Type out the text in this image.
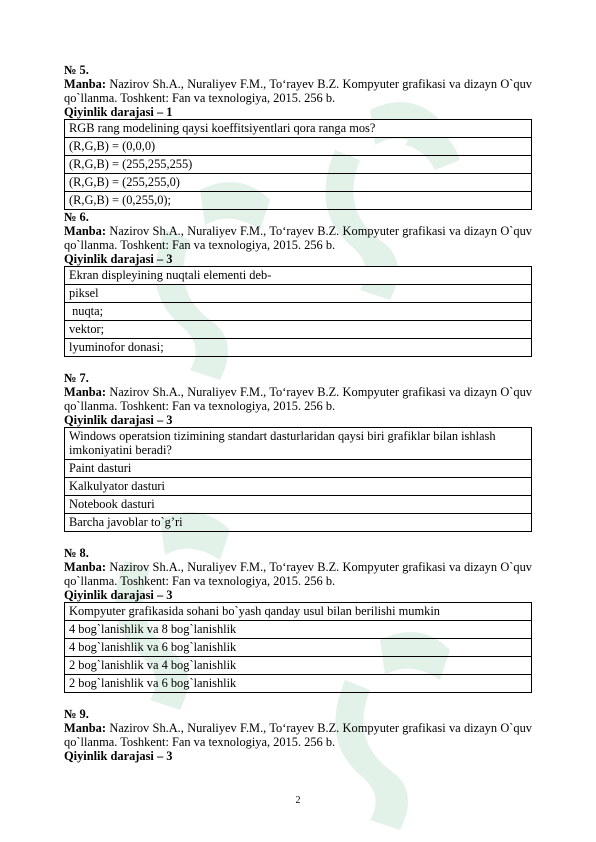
№ 5.
Manba: Nazirov Sh.A., Nuraliyev F.M., To‘rayev B.Z. Kompyuter grafikasi va dizayn O`quv qo`llanma. Toshkent: Fan va texnologiya, 2015. 256 b.
Qiyinlik darajasi – 1
RGB rang modelining qaysi koeffitsiyentlari qora ranga mos?
(R,G,B) = (0,0,0)
(R,G,B) = (255,255,255)
(R,G,B) = (255,255,0)
(R,G,B) = (0,255,0);
№ 6.
Manba: Nazirov Sh.A., Nuraliyev F.M., To‘rayev B.Z. Kompyuter grafikasi va dizayn O`quv qo`llanma. Toshkent: Fan va texnologiya, 2015. 256 b.
Qiyinlik darajasi – 3
Ekran displeyining nuqtali elementi deb-
piksel
nuqta;
vektor;
lyuminofor donasi;
№ 7.
Manba: Nazirov Sh.A., Nuraliyev F.M., To‘rayev B.Z. Kompyuter grafikasi va dizayn O`quv qo`llanma. Toshkent: Fan va texnologiya, 2015. 256 b.
Qiyinlik darajasi – 3
Windows operatsion tizimining standart dasturlaridan qaysi biri grafiklar bilan ishlash imkoniyatini beradi?
Paint dasturi
Kalkulyator dasturi
Notebook dasturi
Barcha javoblar to`g’ri
№ 8.
Manba: Nazirov Sh.A., Nuraliyev F.M., To‘rayev B.Z. Kompyuter grafikasi va dizayn O`quv qo`llanma. Toshkent: Fan va texnologiya, 2015. 256 b.
Qiyinlik darajasi – 3
Kompyuter grafikasida sohani bo`yash qanday usul bilan berilishi mumkin
4 bog`lanishlik va 8 bog`lanishlik
4 bog`lanishlik va 6 bog`lanishlik
2 bog`lanishlik va 4 bog`lanishlik
2 bog`lanishlik va 6 bog`lanishlik
№ 9.
Manba: Nazirov Sh.A., Nuraliyev F.M., To‘rayev B.Z. Kompyuter grafikasi va dizayn O`quv qo`llanma. Toshkent: Fan va texnologiya, 2015. 256 b.
Qiyinlik darajasi – 3
2
